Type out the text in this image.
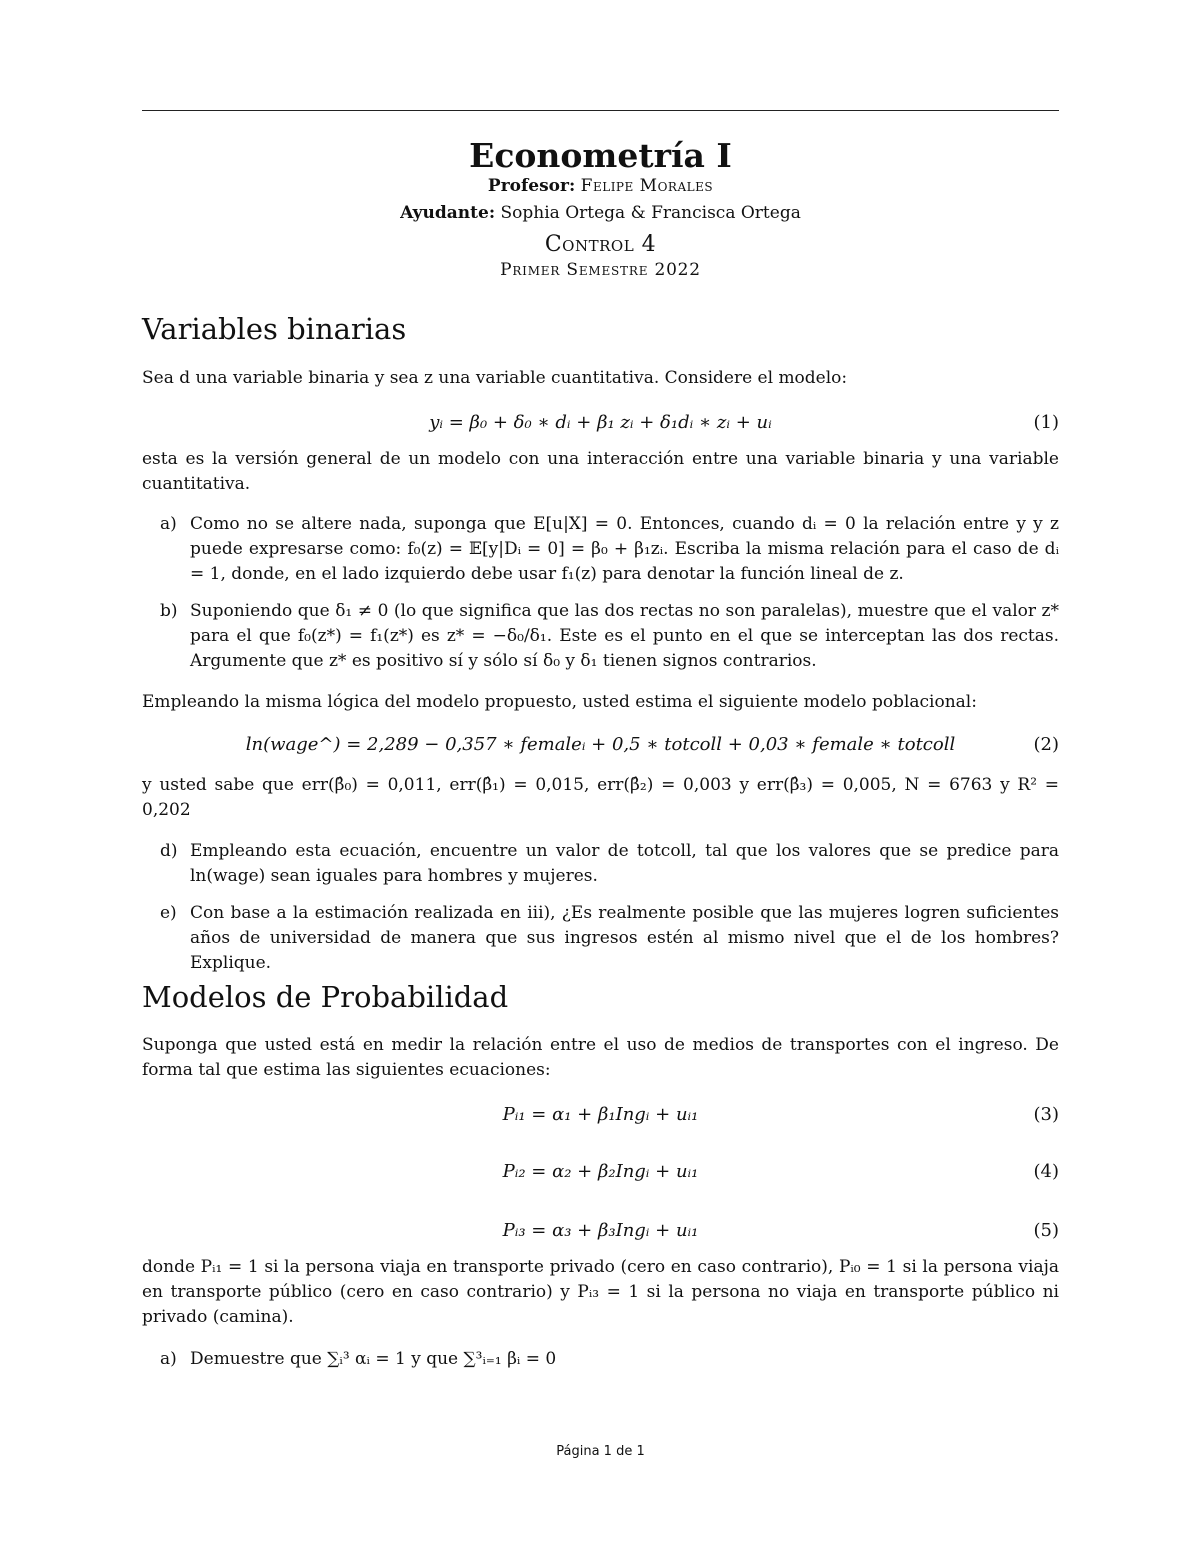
Econometría I
Profesor: Felipe Morales
Ayudante: Sophia Ortega & Francisca Ortega
Control 4
Primer Semestre 2022
Variables binarias
Sea d una variable binaria y sea z una variable cuantitativa. Considere el modelo:
yᵢ = β₀ + δ₀ ∗ dᵢ + β₁ zᵢ + δ₁dᵢ ∗ zᵢ + uᵢ	(1)
esta es la versión general de un modelo con una interacción entre una variable binaria y una variable cuantitativa.
a) Como no se altere nada, suponga que E[u|X] = 0. Entonces, cuando dᵢ = 0 la relación entre y y z puede expresarse como: f₀(z) = 𝔼[y|Dᵢ = 0] = β₀ + β₁zᵢ. Escriba la misma relación para el caso de dᵢ = 1, donde, en el lado izquierdo debe usar f₁(z) para denotar la función lineal de z.
b) Suponiendo que δ₁ ≠ 0 (lo que significa que las dos rectas no son paralelas), muestre que el valor z* para el que f₀(z*) = f₁(z*) es z* = −δ₀/δ₁. Este es el punto en el que se interceptan las dos rectas. Argumente que z* es positivo sí y sólo sí δ₀ y δ₁ tienen signos contrarios.
Empleando la misma lógica del modelo propuesto, usted estima el siguiente modelo poblacional:
ln(wage^) = 2,289 − 0,357 ∗ femaleᵢ + 0,5 ∗ totcoll + 0,03 ∗ female ∗ totcoll	(2)
y usted sabe que err(β̂₀) = 0,011, err(β̂₁) = 0,015, err(β̂₂) = 0,003 y err(β̂₃) = 0,005, N = 6763 y R² = 0,202
d) Empleando esta ecuación, encuentre un valor de totcoll, tal que los valores que se predice para ln(wage) sean iguales para hombres y mujeres.
e) Con base a la estimación realizada en iii), ¿Es realmente posible que las mujeres logren suficientes años de universidad de manera que sus ingresos estén al mismo nivel que el de los hombres? Explique.
Modelos de Probabilidad
Suponga que usted está en medir la relación entre el uso de medios de transportes con el ingreso. De forma tal que estima las siguientes ecuaciones:
Pᵢ₁ = α₁ + β₁Ingᵢ + uᵢ₁	(3)
Pᵢ₂ = α₂ + β₂Ingᵢ + uᵢ₁	(4)
Pᵢ₃ = α₃ + β₃Ingᵢ + uᵢ₁	(5)
donde Pᵢ₁ = 1 si la persona viaja en transporte privado (cero en caso contrario), Pᵢ₀ = 1 si la persona viaja en transporte público (cero en caso contrario) y Pᵢ₃ = 1 si la persona no viaja en transporte público ni privado (camina).
a) Demuestre que ∑ᵢ³ αᵢ = 1 y que ∑³ᵢ₌₁ βᵢ = 0
Página 1 de 1
